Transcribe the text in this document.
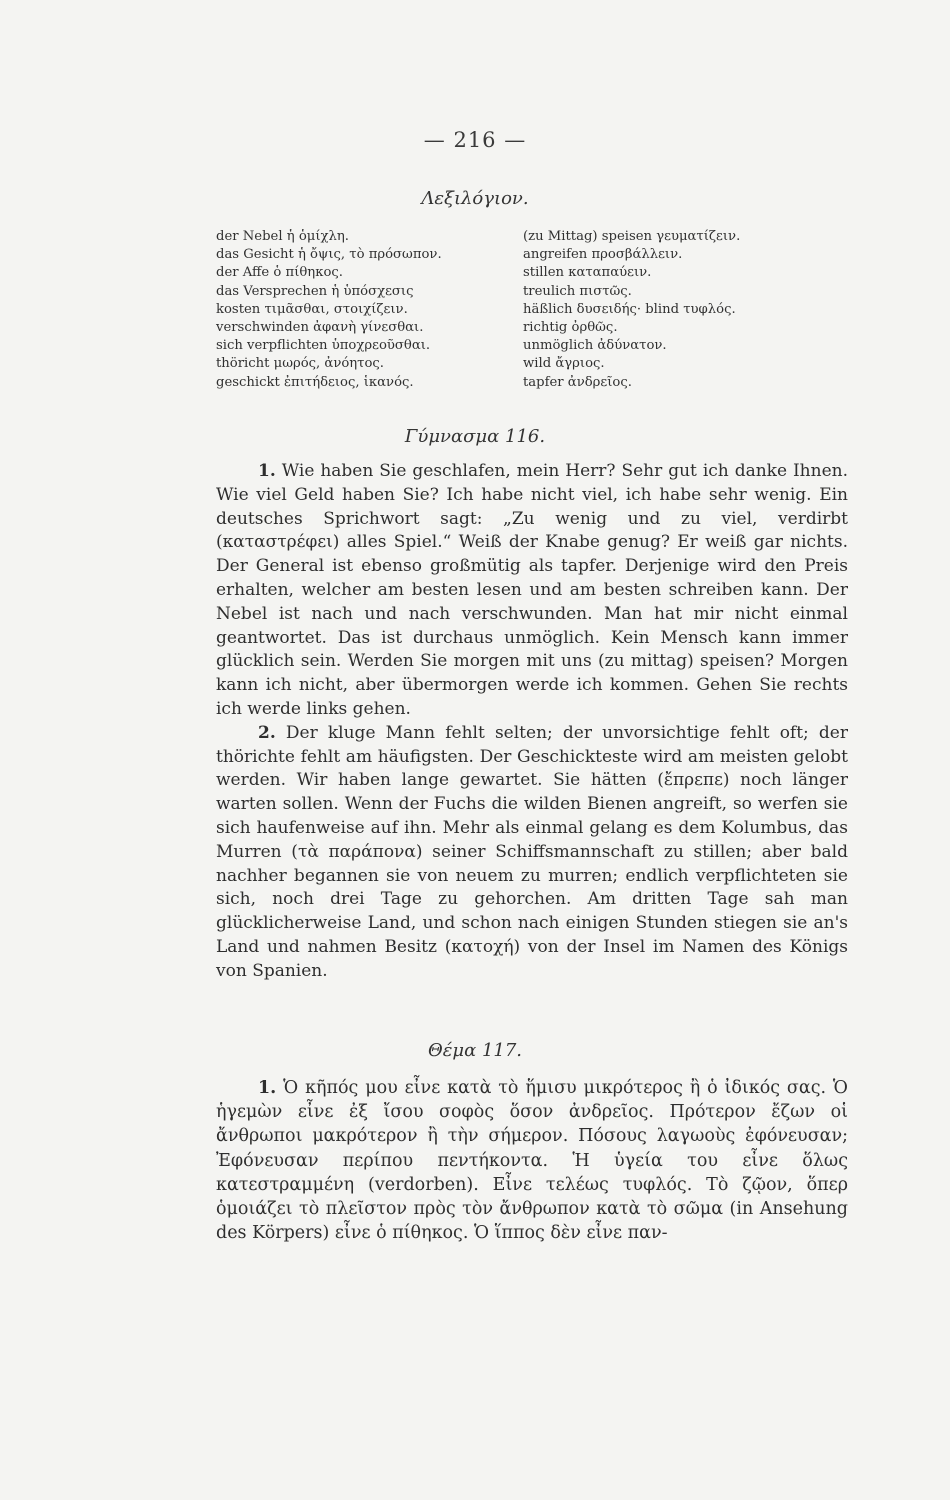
— 216 —
Λεξιλόγιον.
der Nebel ἡ ὁμίχλη.
das Gesicht ἡ ὄψις, τὸ πρόσωπον.
der Affe ὁ πίθηκος.
das Versprechen ἡ ὑπόσχεσις
kosten τιμᾶσθαι, στοιχίζειν.
verschwinden ἀφανὴ γίνεσθαι.
sich verpflichten ὑποχρεοῦσθαι.
thöricht μωρός, ἀνόητος.
geschickt ἐπιτήδειος, ἱκανός.
(zu Mittag) speisen γευματίζειν.
angreifen προσβάλλειν.
stillen καταπαύειν.
treulich πιστῶς.
häßlich δυσειδής· blind τυφλός.
richtig ὀρθῶς.
unmöglich ἀδύνατον.
wild ἄγριος.
tapfer ἀνδρεῖος.
Γύμνασμα 116.

1. Wie haben Sie geschlafen, mein Herr? Sehr gut ich danke Ihnen. Wie viel Geld haben Sie? Ich habe nicht viel, ich habe sehr wenig. Ein deutsches Sprichwort sagt: „Zu wenig und zu viel, verdirbt (καταστρέφει) alles Spiel.“ Weiß der Knabe genug? Er weiß gar nichts. Der General ist ebenso großmütig als tapfer. Derjenige wird den Preis erhalten, welcher am besten lesen und am besten schreiben kann. Der Nebel ist nach und nach verschwunden. Man hat mir nicht einmal geantwortet. Das ist durchaus unmöglich. Kein Mensch kann immer glücklich sein. Werden Sie morgen mit uns (zu mittag) speisen? Morgen kann ich nicht, aber übermorgen werde ich kommen. Gehen Sie rechts ich werde links gehen.

2. Der kluge Mann fehlt selten; der unvorsichtige fehlt oft; der thörichte fehlt am häufigsten. Der Geschickteste wird am meisten gelobt werden. Wir haben lange gewartet. Sie hätten (ἔπρεπε) noch länger warten sollen. Wenn der Fuchs die wilden Bienen angreift, so werfen sie sich haufenweise auf ihn. Mehr als einmal gelang es dem Kolumbus, das Murren (τὰ παράπονα) seiner Schiffsmannschaft zu stillen; aber bald nachher begannen sie von neuem zu murren; endlich verpflichteten sie sich, noch drei Tage zu gehorchen. Am dritten Tage sah man glücklicherweise Land, und schon nach einigen Stunden stiegen sie an's Land und nahmen Besitz (κατοχή) von der Insel im Namen des Königs von Spanien.

Θέμα 117.

1. Ὁ κῆπός μου εἶνε κατὰ τὸ ἥμισυ μικρότερος ἢ ὁ ἰδικός σας. Ὁ ἡγεμὼν εἶνε ἐξ ἴσου σοφὸς ὅσον ἀνδρεῖος. Πρότερον ἔζων οἱ ἄνθρωποι μακρότερον ἢ τὴν σήμερον. Πόσους λαγωοὺς ἐφόνευσαν; Ἐφόνευσαν περίπου πεντήκοντα. Ἡ ὑγεία του εἶνε ὅλως κατεστραμμένη (verdorben). Εἶνε τελέως τυφλός. Τὸ ζῷον, ὅπερ ὁμοιάζει τὸ πλεῖστον πρὸς τὸν ἄνθρωπον κατὰ τὸ σῶμα (in Ansehung des Körpers) εἶνε ὁ πίθηκος. Ὁ ἵππος δὲν εἶνε παν-
